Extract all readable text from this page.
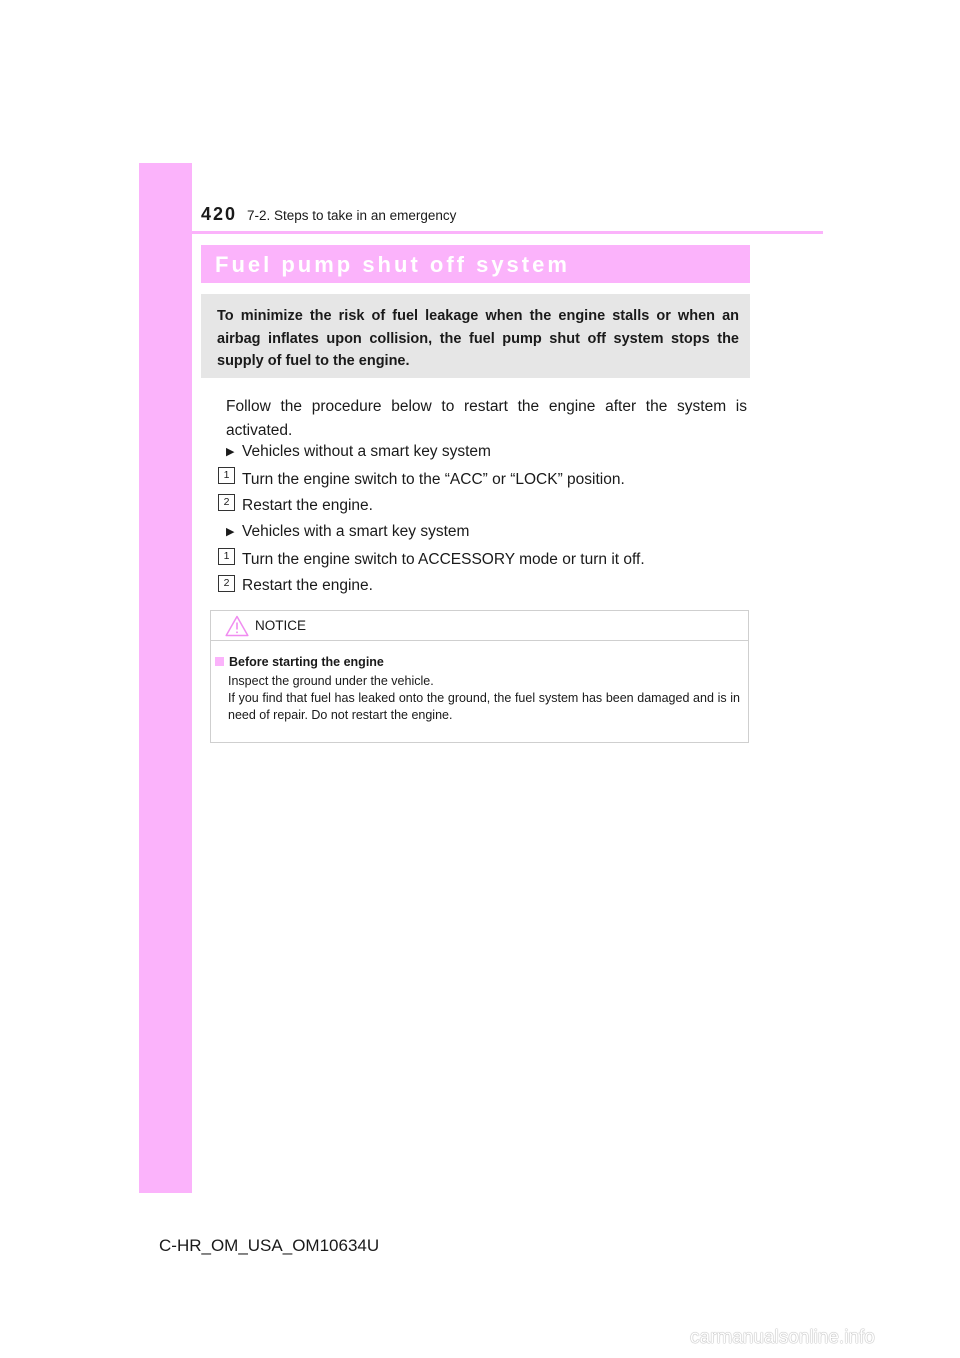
420 7-2. Steps to take in an emergency
Fuel pump shut off system
To minimize the risk of fuel leakage when the engine stalls or when an airbag inflates upon collision, the fuel pump shut off system stops the supply of fuel to the engine.
Follow the procedure below to restart the engine after the system is activated.
▶ Vehicles without a smart key system
1 Turn the engine switch to the “ACC” or “LOCK” position.
2 Restart the engine.
▶ Vehicles with a smart key system
1 Turn the engine switch to ACCESSORY mode or turn it off.
2 Restart the engine.
NOTICE
Before starting the engine

Inspect the ground under the vehicle.

If you find that fuel has leaked onto the ground, the fuel system has been damaged and is in need of repair. Do not restart the engine.

C-HR_OM_USA_OM10634U
carmanualsonline.info
